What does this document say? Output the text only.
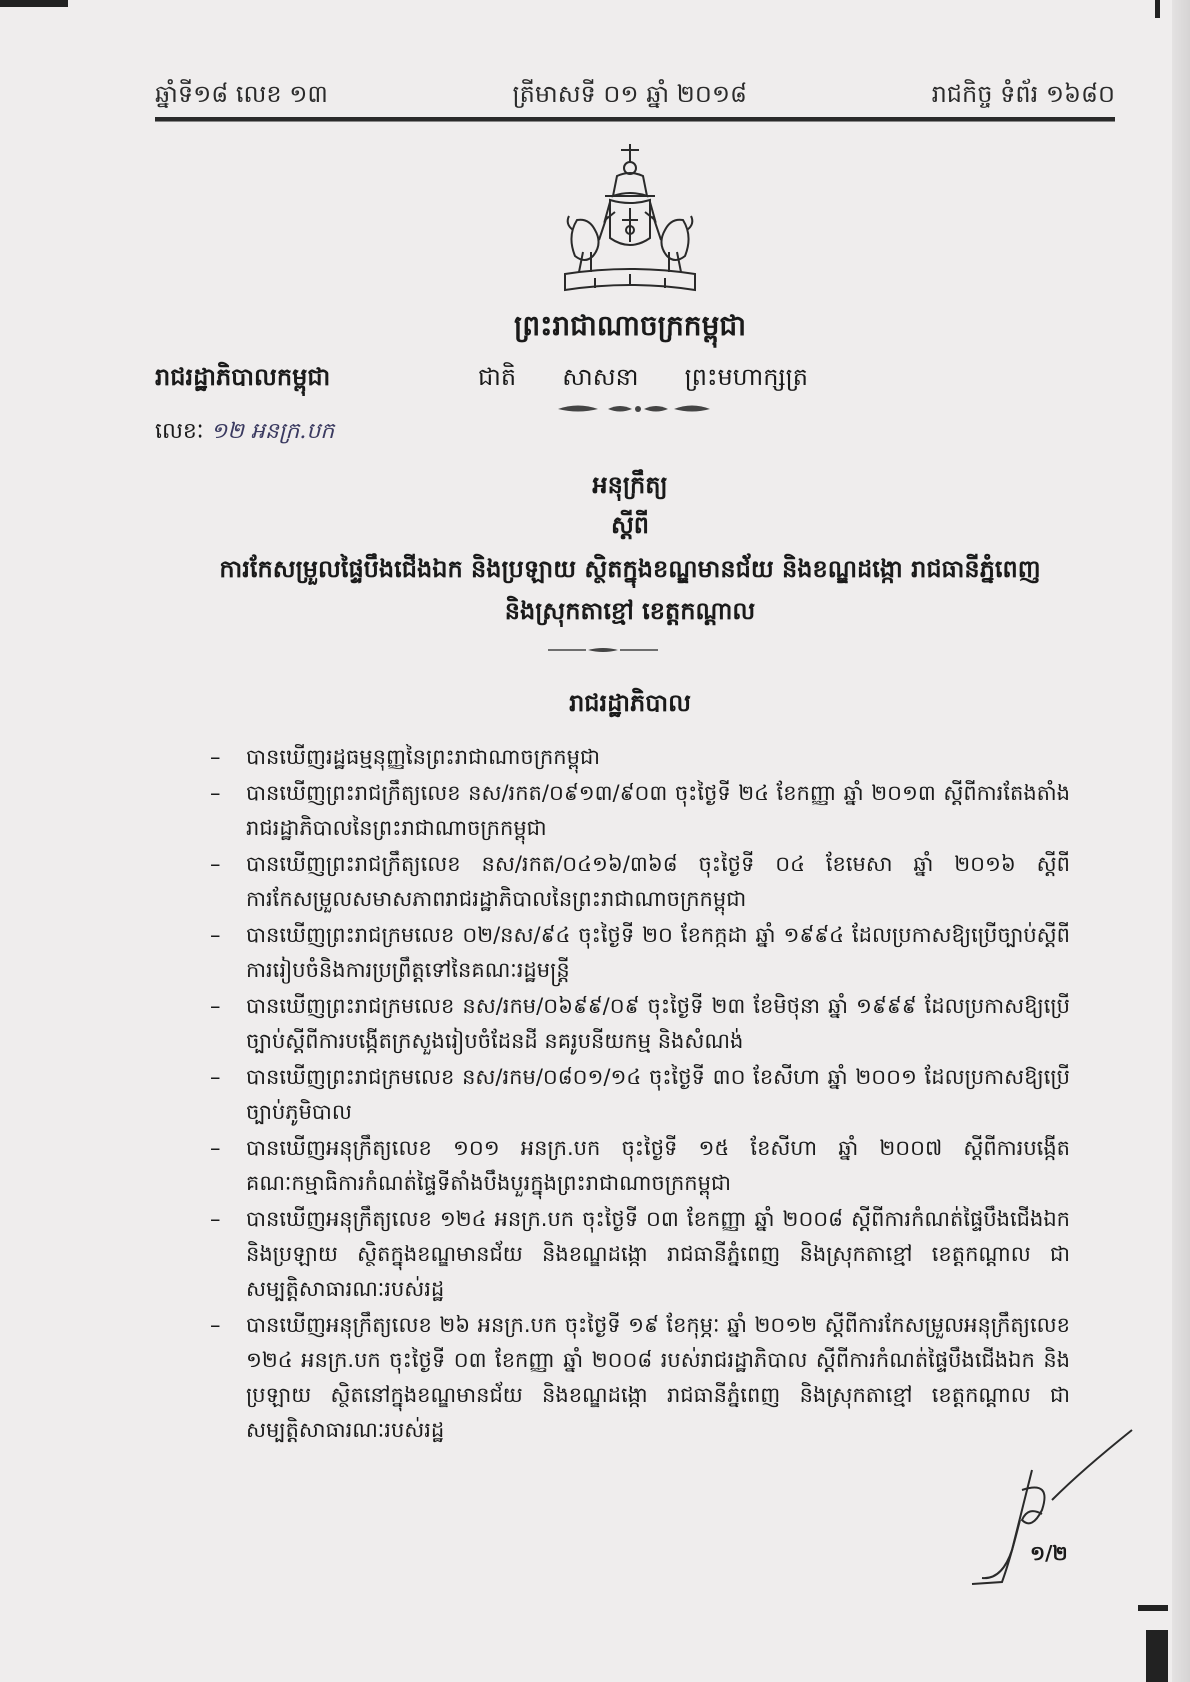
ឆ្នាំទី១៨ លេខ ១៣	ត្រីមាសទី ០១ ឆ្នាំ ២០១៨	រាជកិច្ច ទំព័រ ១៦៨០
ព្រះរាជាណាចក្រកម្ពុជា
រាជរដ្ឋាភិបាលកម្ពុជា	ជាតិ សាសនា ព្រះមហាក្សត្រ
លេខៈ ១២ អនក្រ.បក
អនុក្រឹត្យ
ស្តីពី
ការកែសម្រួលផ្ទៃបឹងជើងឯក និងប្រឡាយ ស្ថិតក្នុងខណ្ឌមានជ័យ និងខណ្ឌដង្កោ រាជធានីភ្នំពេញ
និងស្រុកតាខ្មៅ ខេត្តកណ្តាល
រាជរដ្ឋាភិបាល
– បានឃើញរដ្ឋធម្មនុញ្ញនៃព្រះរាជាណាចក្រកម្ពុជា
– បានឃើញព្រះរាជក្រឹត្យលេខ នស/រកត/០៩១៣/៩០៣ ចុះថ្ងៃទី ២៤ ខែកញ្ញា ឆ្នាំ ២០១៣ ស្តីពីការតែងតាំងរាជរដ្ឋាភិបាលនៃព្រះរាជាណាចក្រកម្ពុជា
– បានឃើញព្រះរាជក្រឹត្យលេខ នស/រកត/០៤១៦/៣៦៨ ចុះថ្ងៃទី ០៤ ខែមេសា ឆ្នាំ ២០១៦ ស្តីពីការកែសម្រួលសមាសភាពរាជរដ្ឋាភិបាលនៃព្រះរាជាណាចក្រកម្ពុជា
– បានឃើញព្រះរាជក្រមលេខ ០២/នស/៩៤ ចុះថ្ងៃទី ២០ ខែកក្កដា ឆ្នាំ ១៩៩៤ ដែលប្រកាសឱ្យប្រើច្បាប់ស្តីពីការរៀបចំនិងការប្រព្រឹត្តទៅនៃគណៈរដ្ឋមន្ត្រី
– បានឃើញព្រះរាជក្រមលេខ នស/រកម/០៦៩៩/០៩ ចុះថ្ងៃទី ២៣ ខែមិថុនា ឆ្នាំ ១៩៩៩ ដែលប្រកាសឱ្យប្រើច្បាប់ស្តីពីការបង្កើតក្រសួងរៀបចំដែនដី នគរូបនីយកម្ម និងសំណង់
– បានឃើញព្រះរាជក្រមលេខ នស/រកម/០៨០១/១៤ ចុះថ្ងៃទី ៣០ ខែសីហា ឆ្នាំ ២០០១ ដែលប្រកាសឱ្យប្រើច្បាប់ភូមិបាល
– បានឃើញអនុក្រឹត្យលេខ ១០១ អនក្រ.បក ចុះថ្ងៃទី ១៥ ខែសីហា ឆ្នាំ ២០០៧ ស្តីពីការបង្កើតគណៈកម្មាធិការកំណត់ផ្ទៃទីតាំងបឹងបួរក្នុងព្រះរាជាណាចក្រកម្ពុជា
– បានឃើញអនុក្រឹត្យលេខ ១២៤ អនក្រ.បក ចុះថ្ងៃទី ០៣ ខែកញ្ញា ឆ្នាំ ២០០៨ ស្តីពីការកំណត់ផ្ទៃបឹងជើងឯក និងប្រឡាយ ស្ថិតក្នុងខណ្ឌមានជ័យ និងខណ្ឌដង្កោ រាជធានីភ្នំពេញ និងស្រុកតាខ្មៅ ខេត្តកណ្តាល ជាសម្បត្តិសាធារណៈរបស់រដ្ឋ
– បានឃើញអនុក្រឹត្យលេខ ២៦ អនក្រ.បក ចុះថ្ងៃទី ១៩ ខែកុម្ភៈ ឆ្នាំ ២០១២ ស្តីពីការកែសម្រួលអនុក្រឹត្យលេខ ១២៤ អនក្រ.បក ចុះថ្ងៃទី ០៣ ខែកញ្ញា ឆ្នាំ ២០០៨ របស់រាជរដ្ឋាភិបាល ស្តីពីការកំណត់ផ្ទៃបឹងជើងឯក និងប្រឡាយ ស្ថិតនៅក្នុងខណ្ឌមានជ័យ និងខណ្ឌដង្កោ រាជធានីភ្នំពេញ និងស្រុកតាខ្មៅ ខេត្តកណ្តាល ជាសម្បត្តិសាធារណៈរបស់រដ្ឋ
១/២
